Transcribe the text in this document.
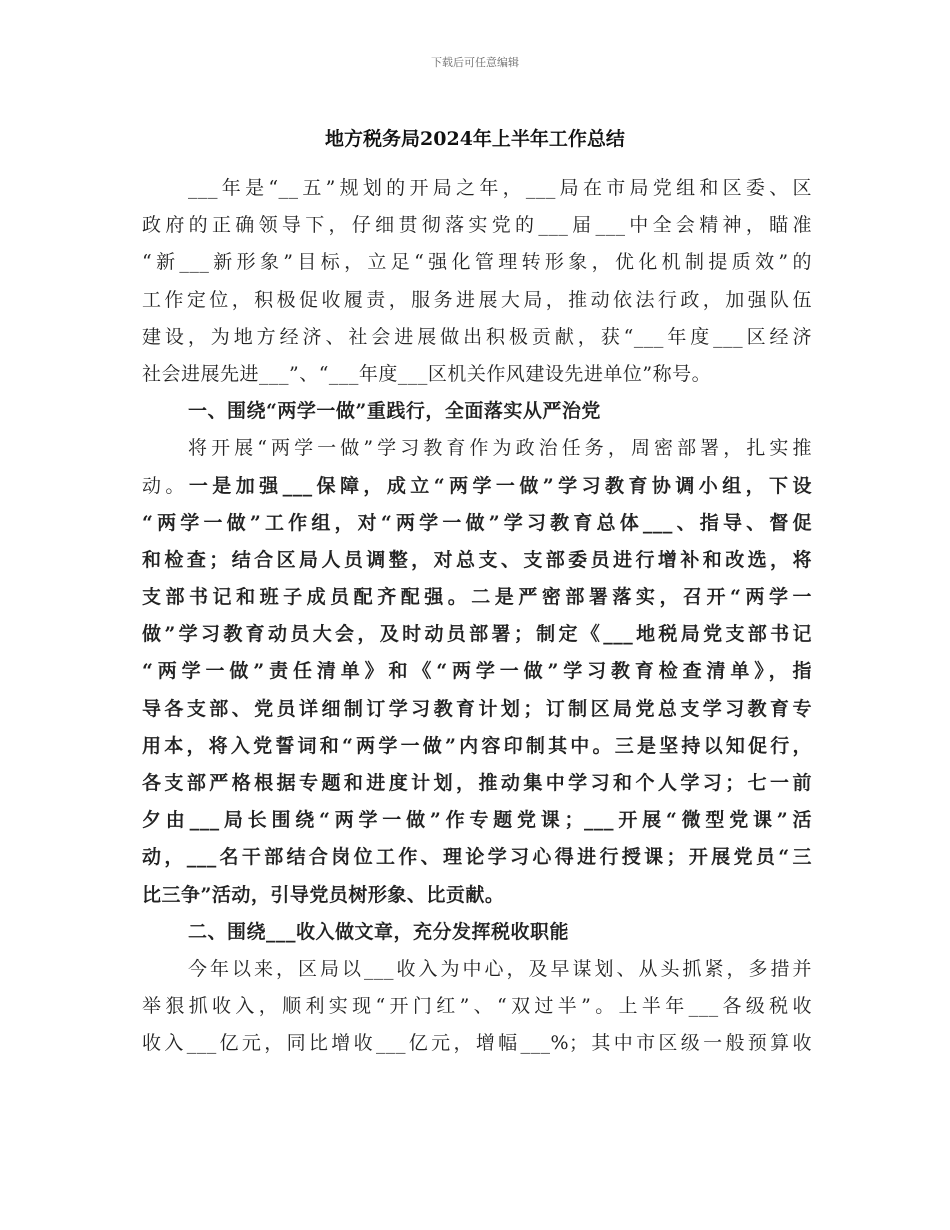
下载后可任意编辑
地方税务局2024年上半年工作总结
___年是“__五”规划的开局之年，___局在市局党组和区委、区
政府的正确领导下，仔细贯彻落实党的___届___中全会精神，瞄准
“新___新形象”目标，立足“强化管理转形象，优化机制提质效”的
工作定位，积极促收履责，服务进展大局，推动依法行政，加强队伍
建设，为地方经济、社会进展做出积极贡献，获“___年度___区经济
社会进展先进___”、“___年度___区机关作风建设先进单位”称号。
一、围绕“两学一做”重践行，全面落实从严治党
将开展“两学一做”学习教育作为政治任务，周密部署，扎实推
动。一是加强___保障，成立“两学一做”学习教育协调小组，下设
“两学一做”工作组，对“两学一做”学习教育总体___、指导、督促
和检查；结合区局人员调整，对总支、支部委员进行增补和改选，将
支部书记和班子成员配齐配强。二是严密部署落实，召开“两学一
做”学习教育动员大会，及时动员部署；制定《___地税局党支部书记
“两学一做”责任清单》和《“两学一做”学习教育检查清单》，指
导各支部、党员详细制订学习教育计划；订制区局党总支学习教育专
用本，将入党誓词和“两学一做”内容印制其中。三是坚持以知促行，
各支部严格根据专题和进度计划，推动集中学习和个人学习；七一前
夕由___局长围绕“两学一做”作专题党课；___开展“微型党课”活
动，___名干部结合岗位工作、理论学习心得进行授课；开展党员“三
比三争”活动，引导党员树形象、比贡献。
二、围绕___收入做文章，充分发挥税收职能
今年以来，区局以___收入为中心，及早谋划、从头抓紧，多措并
举狠抓收入，顺利实现“开门红”、“双过半”。上半年___各级税收
收入___亿元，同比增收___亿元，增幅___%；其中市区级一般预算收
